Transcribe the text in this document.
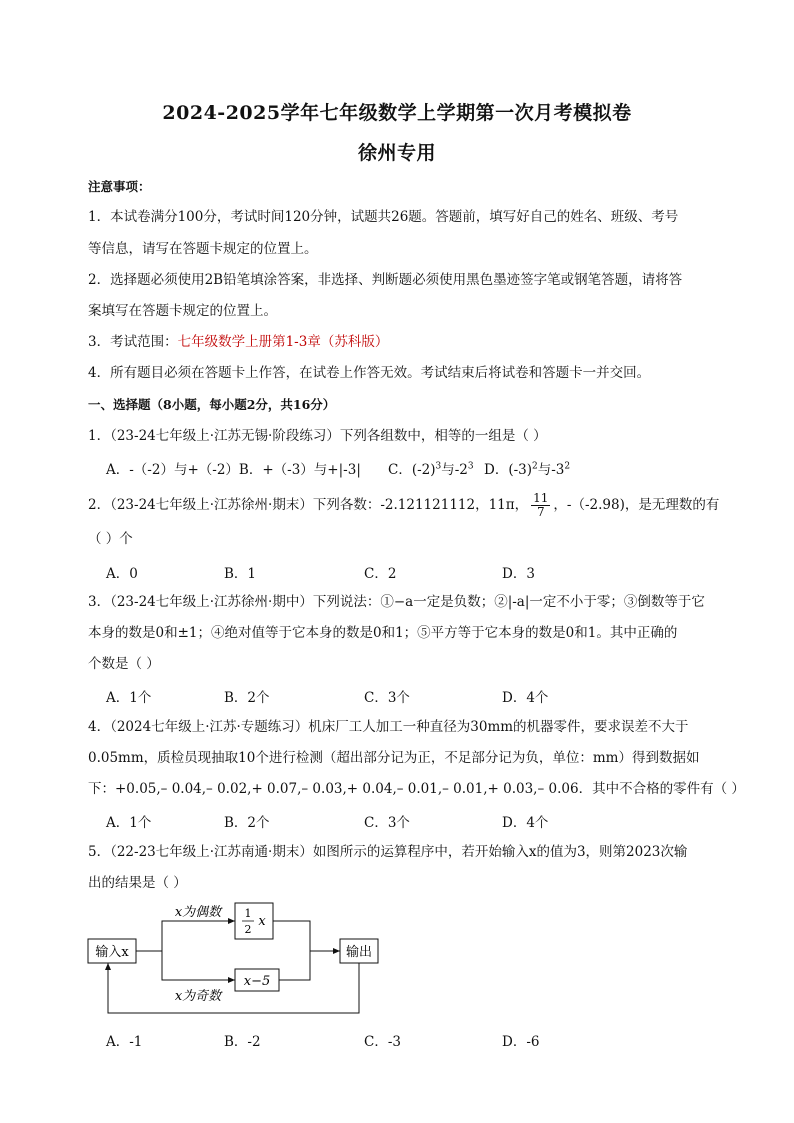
2024-2025学年七年级数学上学期第一次月考模拟卷
徐州专用
注意事项：
1．本试卷满分100分，考试时间120分钟，试题共26题。答题前，填写好自己的姓名、班级、考号
等信息，请写在答题卡规定的位置上。
2．选择题必须使用2B铅笔填涂答案，非选择、判断题必须使用黑色墨迹签字笔或钢笔答题，请将答
案填写在答题卡规定的位置上。
3．考试范围：七年级数学上册第1-3章（苏科版）
4．所有题目必须在答题卡上作答，在试卷上作答无效。考试结束后将试卷和答题卡一并交回。
一、选择题（8小题，每小题2分，共16分）
1．（23-24七年级上·江苏无锡·阶段练习）下列各组数中，相等的一组是（ ）
A．-（-2）与+（-2）B．+（-3）与+|-3| C．$(-2)^3$与$-2^3$ D．$(-3)^2$与$-3^2$
2．（23-24七年级上·江苏徐州·期末）下列各数：-2.121121112，11π， $\frac{11}{7}$ ，-（-2.98)，是无理数的有
（ ）个
A．0	B．1	C．2	D．3
3．（23-24七年级上·江苏徐州·期中）下列说法：①−a一定是负数；②|-a|一定不小于零；③倒数等于它
本身的数是0和±1；④绝对值等于它本身的数是0和1；⑤平方等于它本身的数是0和1。其中正确的
个数是（ ）
A．1个	B．2个	C．3个	D．4个
4．（2024七年级上·江苏·专题练习）机床厂工人加工一种直径为30mm的机器零件，要求误差不大于
0.05mm，质检员现抽取10个进行检测（超出部分记为正，不足部分记为负，单位：mm）得到数据如
下：+0.05,– 0.04,– 0.02,+ 0.07,– 0.03,+ 0.04,– 0.01,– 0.01,+ 0.03,– 0.06．其中不合格的零件有（ ）
A．1个	B．2个	C．3个	D．4个
5．（22-23七年级上·江苏南通·期末）如图所示的运算程序中，若开始输入x的值为3，则第2023次输
出的结果是（ ）
输入x	输出
x为偶数
x为奇数
1
2
x
x−5
A．-1	B．-2	C．-3	D．-6
